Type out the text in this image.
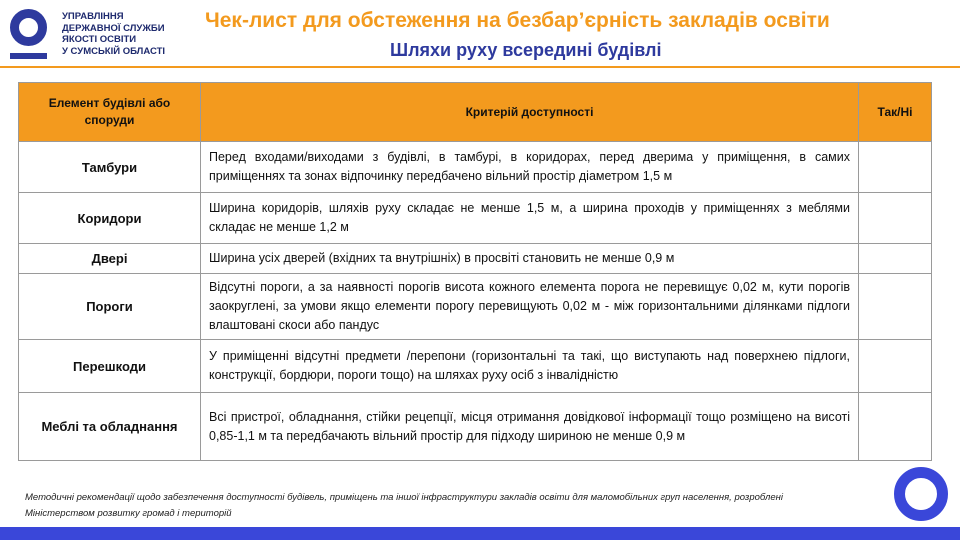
УПРАВЛІННЯ
ДЕРЖАВНОЇ СЛУЖБИ
ЯКОСТІ ОСВІТИ
У СУМСЬКІЙ ОБЛАСТІ
Чек-лист для обстеження на безбар’єрність закладів освіти
Шляхи руху всередині будівлі
Елемент будівлі або споруди	Критерій доступності	Так/Ні
Тамбури	Перед входами/виходами з будівлі, в тамбурі, в коридорах, перед дверима у приміщення, в самих приміщеннях та зонах відпочинку передбачено вільний простір діаметром 1,5 м	
Коридори	Ширина коридорів, шляхів руху складає не менше 1,5 м, а ширина проходів у приміщеннях з меблями складає не менше 1,2 м	
Двері	Ширина усіх дверей (вхідних та внутрішніх) в просвіті становить не менше 0,9 м	
Пороги	Відсутні пороги, а за наявності порогів висота кожного елемента порога не перевищує 0,02 м, кути порогів заокруглені, за умови якщо елементи порогу перевищують 0,02 м - між горизонтальними ділянками підлоги влаштовані скоси або пандус	
Перешкоди	У приміщенні відсутні предмети /перепони (горизонтальні та такі, що виступають над поверхнею підлоги, конструкції, бордюри, пороги тощо) на шляхах руху осіб з інвалідністю	
Меблі та обладнання	Всі пристрої, обладнання, стійки рецепції, місця отримання довідкової інформації тощо розміщено на висоті 0,85-1,1 м та передбачають вільний простір для підходу шириною не менше 0,9 м	
Методичні рекомендації щодо забезпечення доступності будівель, приміщень та іншої інфраструктури закладів освіти для маломобільних груп населення, розроблені Міністерством розвитку громад і територій
